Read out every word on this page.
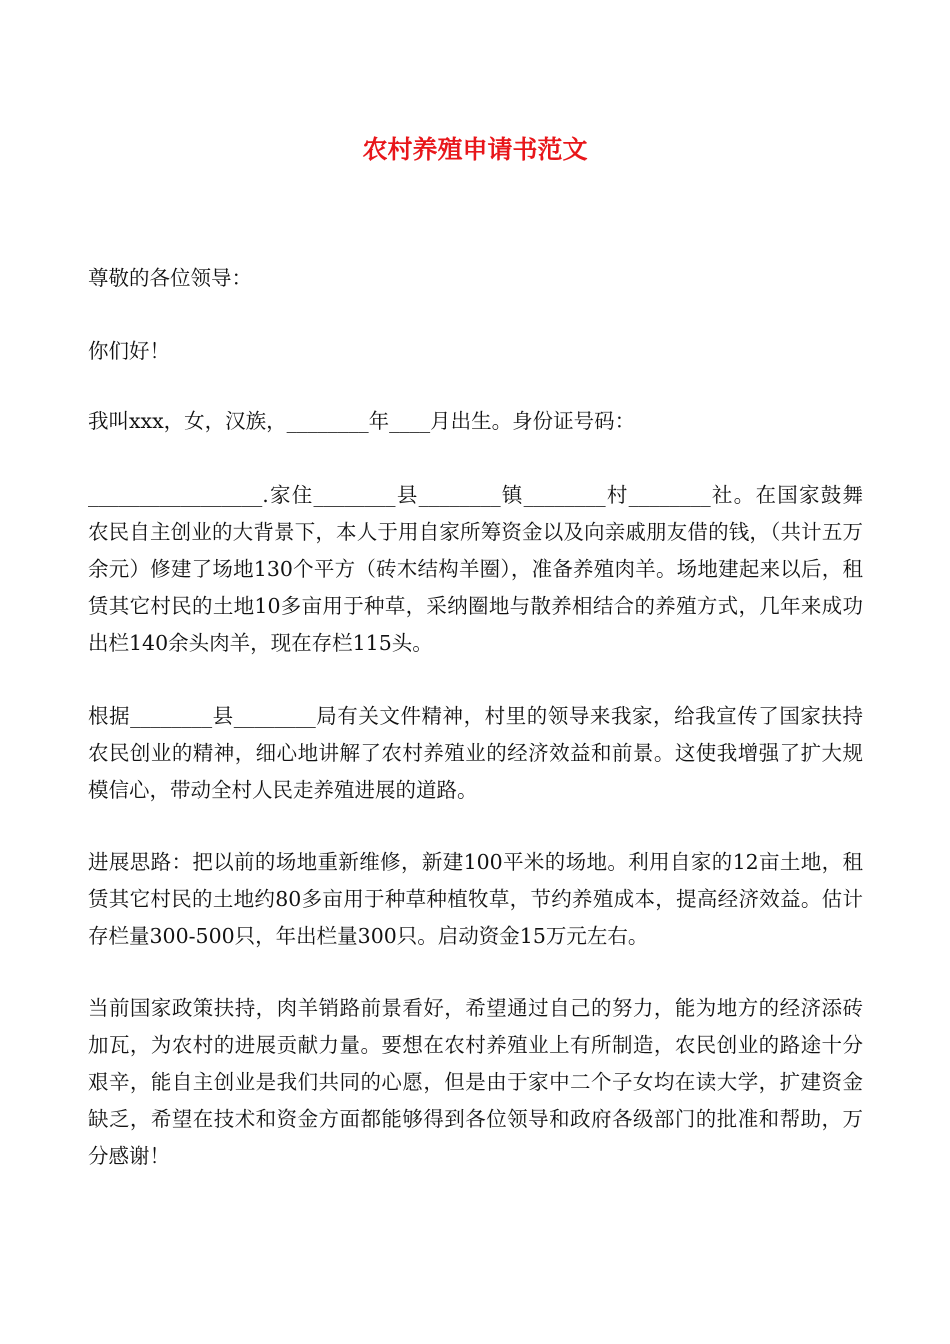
农村养殖申请书范文

尊敬的各位领导：

你们好！

我叫xxx，女，汉族，________年____月出生。身份证号码：

_________________.家住________县________镇________村________社。在国家鼓舞农民自主创业的大背景下，本人于用自家所筹资金以及向亲戚朋友借的钱，（共计五万余元）修建了场地130个平方（砖木结构羊圈），准备养殖肉羊。场地建起来以后，租赁其它村民的土地10多亩用于种草，采纳圈地与散养相结合的养殖方式，几年来成功出栏140余头肉羊，现在存栏115头。

根据________县________局有关文件精神，村里的领导来我家，给我宣传了国家扶持农民创业的精神，细心地讲解了农村养殖业的经济效益和前景。这使我增强了扩大规模信心，带动全村人民走养殖进展的道路。

进展思路：把以前的场地重新维修，新建100平米的场地。利用自家的12亩土地，租赁其它村民的土地约80多亩用于种草种植牧草，节约养殖成本，提高经济效益。估计存栏量300-500只，年出栏量300只。启动资金15万元左右。

当前国家政策扶持，肉羊销路前景看好，希望通过自己的努力，能为地方的经济添砖加瓦，为农村的进展贡献力量。要想在农村养殖业上有所制造，农民创业的路途十分艰辛，能自主创业是我们共同的心愿，但是由于家中二个子女均在读大学，扩建资金缺乏，希望在技术和资金方面都能够得到各位领导和政府各级部门的批准和帮助，万分感谢！
